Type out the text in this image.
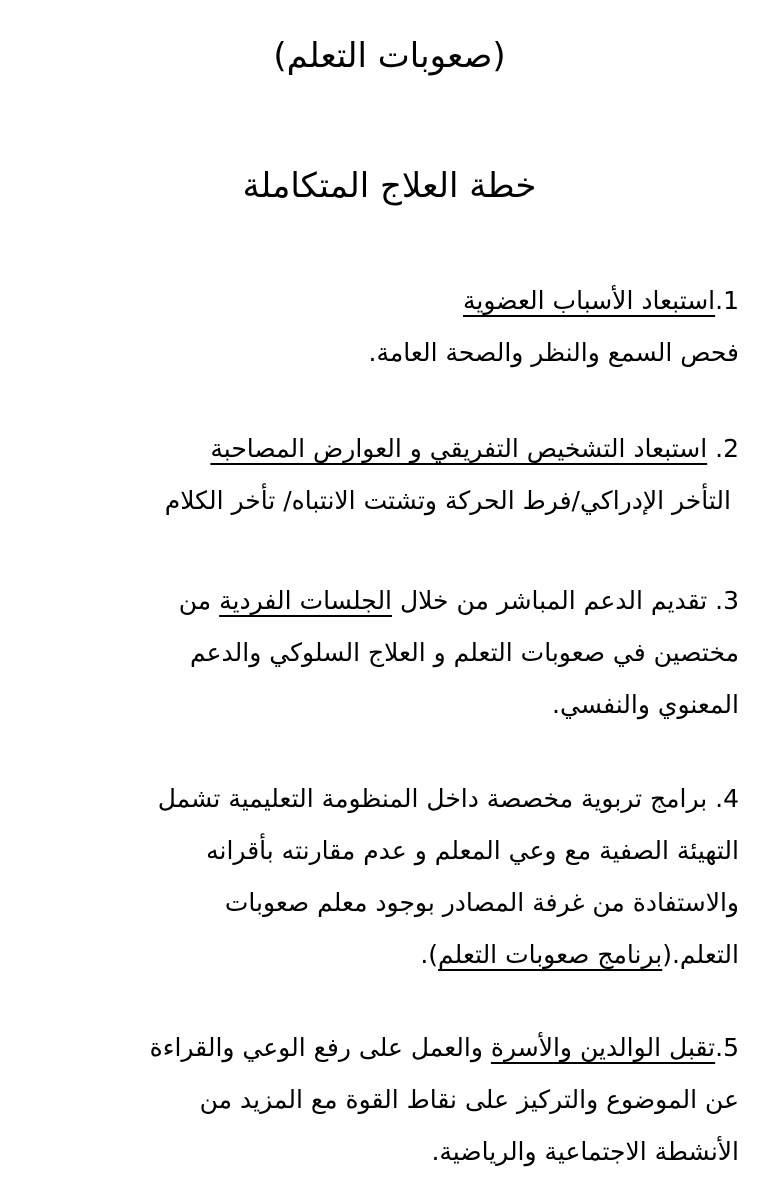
(صعوبات التعلم)
خطة العلاج المتكاملة
1.استبعاد الأسباب العضوية
فحص السمع والنظر والصحة العامة.
2. استبعاد التشخيص التفريقي و العوارض المصاحبة
التأخر الإدراكي/فرط الحركة وتشتت الانتباه/ تأخر الكلام
3. تقديم الدعم المباشر من خلال الجلسات الفردية من
مختصين في صعوبات التعلم و العلاج السلوكي والدعم
المعنوي والنفسي.
4. برامج تربوية مخصصة داخل المنظومة التعليمية تشمل
التهيئة الصفية مع وعي المعلم و عدم مقارنته بأقرانه
والاستفادة من غرفة المصادر بوجود معلم صعوبات
التعلم.(برنامج صعوبات التعلم).
5.تقبل الوالدين والأسرة والعمل على رفع الوعي والقراءة
عن الموضوع والتركيز على نقاط القوة مع المزيد من
الأنشطة الاجتماعية والرياضية.
